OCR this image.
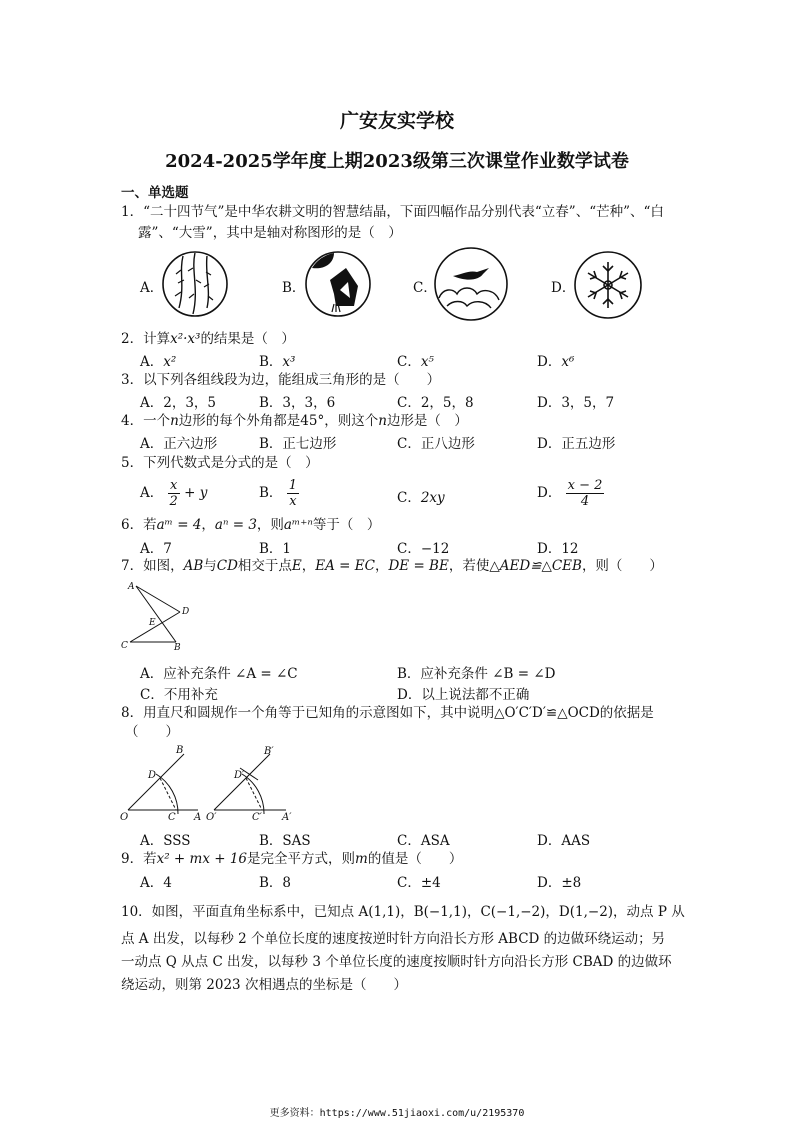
广安友实学校
2024-2025学年度上期2023级第三次课堂作业数学试卷
一、单选题
1．“二十四节气”是中华农耕文明的智慧结晶，下面四幅作品分别代表“立春”、“芒种”、“白
露”、“大雪”，其中是轴对称图形的是（　）
A．	B．	C．	D．
2．计算x²·x³的结果是（　）
A．x²	B．x³	C．x⁵	D．x⁶
3．以下列各组线段为边，能组成三角形的是（　　）
A．2，3，5	B．3，3，6	C．2，5，8	D．3，5，7
4．一个n边形的每个外角都是45°，则这个n边形是（　）
A．正六边形	B．正七边形	C．正八边形	D．正五边形
5．下列代数式是分式的是（　）
A． $\frac{x}{2} + y$	B． $\frac{1}{x}$	C．2xy	D． $\frac{x - 2}{4}$
6．若aᵐ = 4，aⁿ = 3，则aᵐ⁺ⁿ等于（　）
A．7	B．1	C．−12	D．12
7．如图，AB与CD相交于点E，EA = EC，DE = BE，若使△AED≌△CEB，则（　　）
A
D
E
C	B
A．应补充条件 ∠A = ∠C	B．应补充条件 ∠B = ∠D
C．不用补充	D．以上说法都不正确
8．用直尺和圆规作一个角等于已知角的示意图如下，其中说明△O′C′D′≌△OCD的依据是
（　　）
B
D
O	C A
B′
D′
O′	C′ A′
A．SSS	B．SAS	C．ASA	D．AAS
9．若x² + mx + 16是完全平方式，则m的值是（　　）
A．4	B．8	C．±4	D．±8
10．如图，平面直角坐标系中，已知点 A(1,1)，B(−1,1)，C(−1,−2)，D(1,−2)，动点 P 从
点 A 出发，以每秒 2 个单位长度的速度按逆时针方向沿长方形 ABCD 的边做环绕运动；另
一动点 Q 从点 C 出发，以每秒 3 个单位长度的速度按顺时针方向沿长方形 CBAD 的边做环
绕运动，则第 2023 次相遇点的坐标是（　　）
更多资料：https://www.51jiaoxi.com/u/2195370
